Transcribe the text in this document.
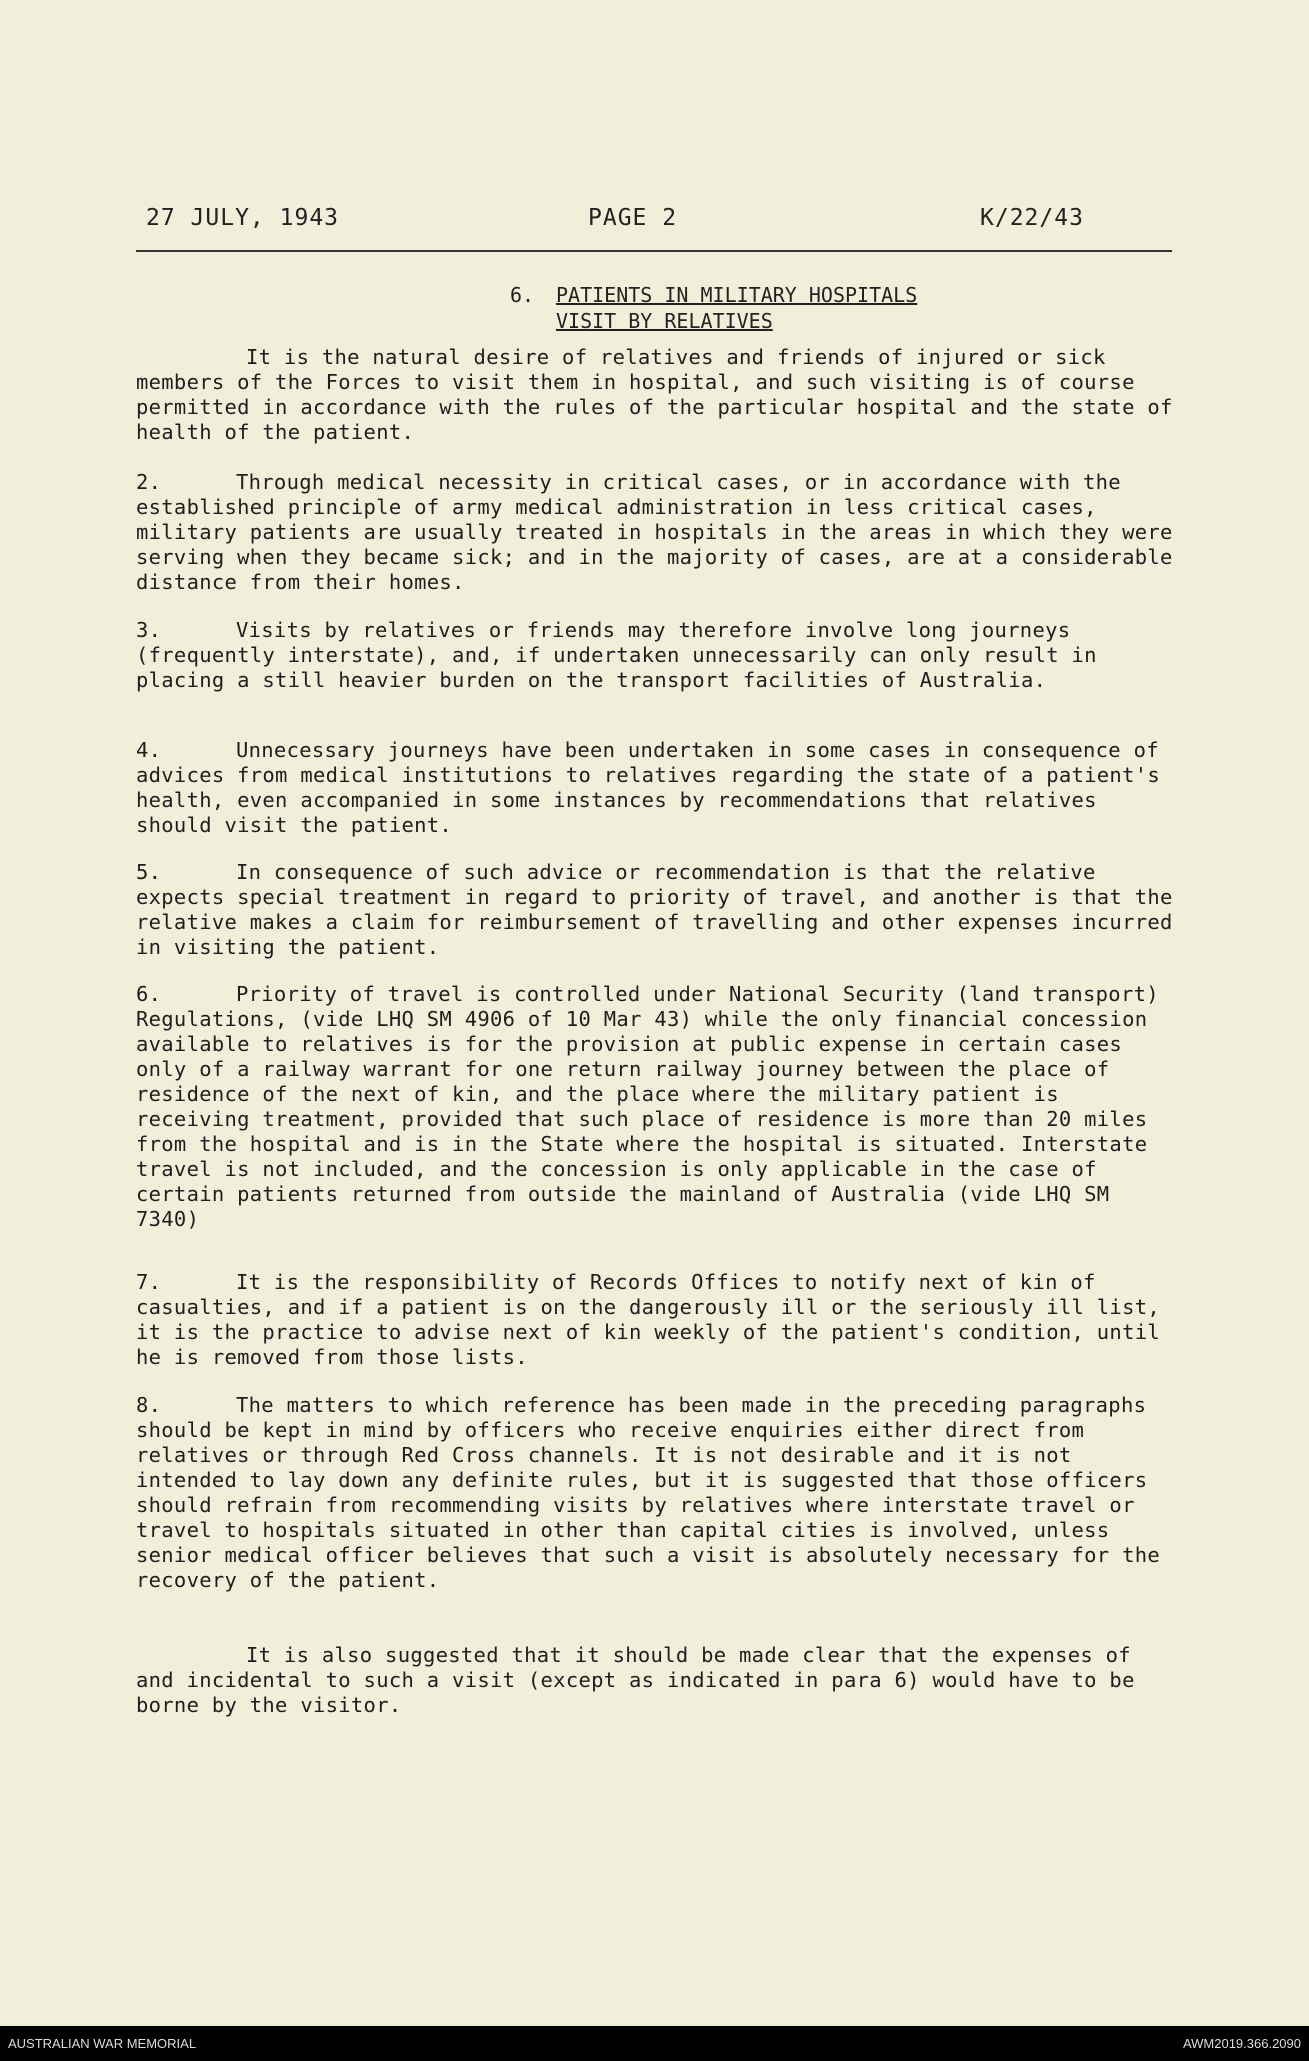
27 JULY, 1943	PAGE 2	K/22/43
6. PATIENTS IN MILITARY HOSPITALS
VISIT BY RELATIVES
It is the natural desire of relatives and friends of injured or sick members of the Forces to visit them in hospital, and such visiting is of course permitted in accordance with the rules of the particular hospital and the state of health of the patient.
2.	Through medical necessity in critical cases, or in accordance with the established principle of army medical administration in less critical cases, military patients are usually treated in hospitals in the areas in which they were serving when they became sick; and in the majority of cases, are at a considerable distance from their homes.
3.	Visits by relatives or friends may therefore involve long journeys (frequently interstate), and, if undertaken unnecessarily can only result in placing a still heavier burden on the transport facilities of Australia.
4.	Unnecessary journeys have been undertaken in some cases in consequence of advices from medical institutions to relatives regarding the state of a patient's health, even accompanied in some instances by recommendations that relatives should visit the patient.
5.	In consequence of such advice or recommendation is that the relative expects special treatment in regard to priority of travel, and another is that the relative makes a claim for reimbursement of travelling and other expenses incurred in visiting the patient.
6.	Priority of travel is controlled under National Security (land transport) Regulations, (vide LHQ SM 4906 of 10 Mar 43) while the only financial concession available to relatives is for the provision at public expense in certain cases only of a railway warrant for one return railway journey between the place of residence of the next of kin, and the place where the military patient is receiving treatment, provided that such place of residence is more than 20 miles from the hospital and is in the State where the hospital is situated. Interstate travel is not included, and the concession is only applicable in the case of certain patients returned from outside the mainland of Australia (vide LHQ SM 7340)
7.	It is the responsibility of Records Offices to notify next of kin of casualties, and if a patient is on the dangerously ill or the seriously ill list, it is the practice to advise next of kin weekly of the patient's condition, until he is removed from those lists.
8.	The matters to which reference has been made in the preceding paragraphs should be kept in mind by officers who receive enquiries either direct from relatives or through Red Cross channels. It is not desirable and it is not intended to lay down any definite rules, but it is suggested that those officers should refrain from recommending visits by relatives where interstate travel or travel to hospitals situated in other than capital cities is involved, unless senior medical officer believes that such a visit is absolutely necessary for the recovery of the patient.
It is also suggested that it should be made clear that the expenses of and incidental to such a visit (except as indicated in para 6) would have to be borne by the visitor.
AUSTRALIAN WAR MEMORIAL	AWM2019.366.2090
